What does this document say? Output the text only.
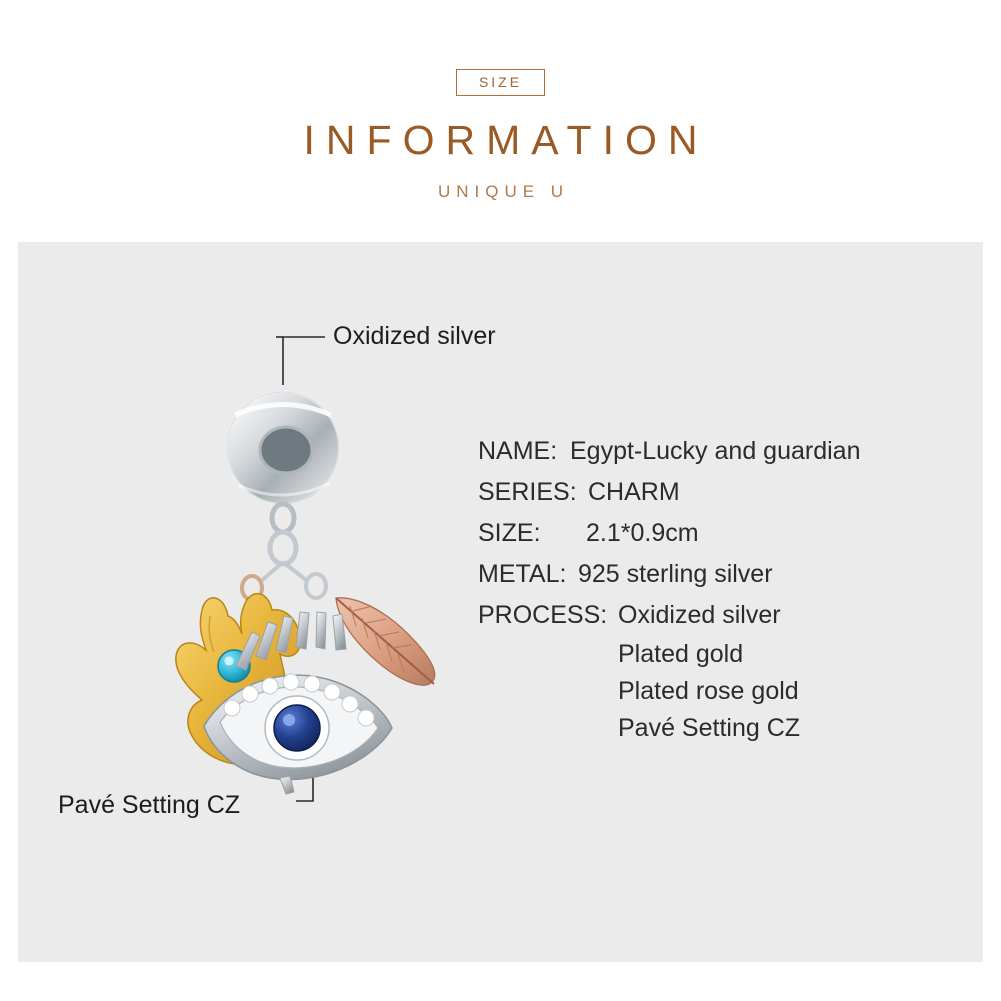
SIZE
INFORMATION
UNIQUE U
Oxidized silver
Pavé Setting CZ
NAME: Egypt-Lucky and guardian
SERIES: CHARM
SIZE:	2.1*0.9cm
METAL: 925 sterling silver
PROCESS: Oxidized silver
Plated gold
Plated rose gold
Pavé Setting CZ
